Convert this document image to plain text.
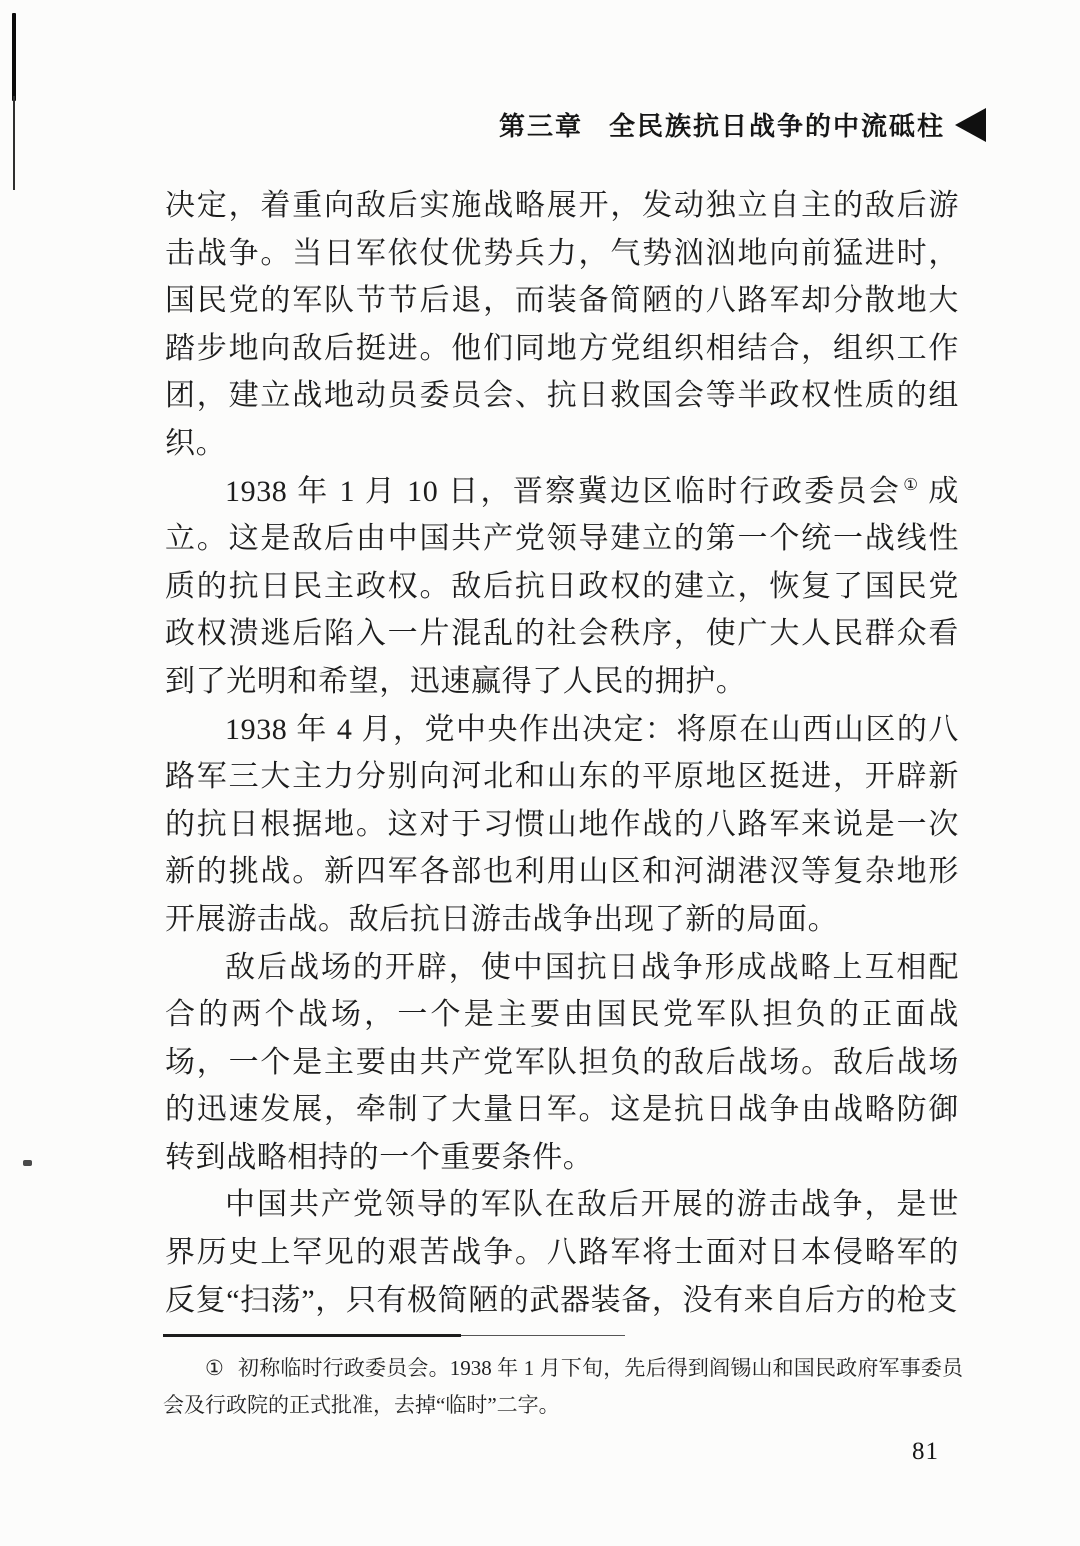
第三章 全民族抗日战争的中流砥柱

决定，着重向敌后实施战略展开，发动独立自主的敌后游击战争。当日军依仗优势兵力，气势汹汹地向前猛进时，国民党的军队节节后退，而装备简陋的八路军却分散地大踏步地向敌后挺进。他们同地方党组织相结合，组织工作团，建立战地动员委员会、抗日救国会等半政权性质的组织。

1938 年 1 月 10 日，晋察冀边区临时行政委员会 ① 成立。这是敌后由中国共产党领导建立的第一个统一战线性质的抗日民主政权。敌后抗日政权的建立，恢复了国民党政权溃逃后陷入一片混乱的社会秩序，使广大人民群众看到了光明和希望，迅速赢得了人民的拥护。

1938 年 4 月，党中央作出决定：将原在山西山区的八路军三大主力分别向河北和山东的平原地区挺进，开辟新的抗日根据地。这对于习惯山地作战的八路军来说是一次新的挑战。新四军各部也利用山区和河湖港汊等复杂地形开展游击战。敌后抗日游击战争出现了新的局面。

敌后战场的开辟，使中国抗日战争形成战略上互相配合的两个战场，一个是主要由国民党军队担负的正面战场，一个是主要由共产党军队担负的敌后战场。敌后战场的迅速发展，牵制了大量日军。这是抗日战争由战略防御转到战略相持的一个重要条件。

中国共产党领导的军队在敌后开展的游击战争，是世界历史上罕见的艰苦战争。八路军将士面对日本侵略军的反复“扫荡”，只有极简陋的武器装备，没有来自后方的枪支

① 初称临时行政委员会。1938 年 1 月下旬，先后得到阎锡山和国民政府军事委员会及行政院的正式批准，去掉“临时”二字。

81
